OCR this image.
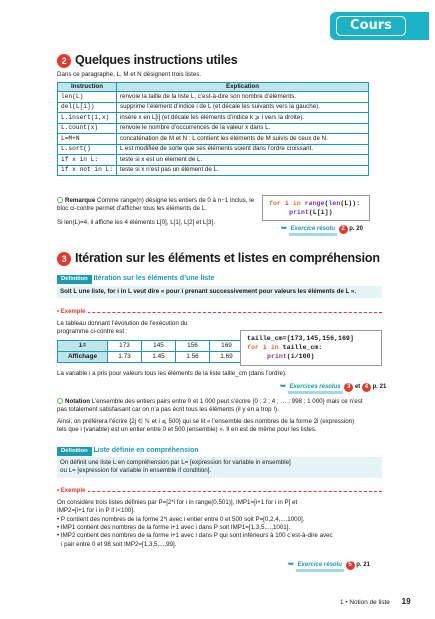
Cours
2 Quelques instructions utiles
Dans ce paragraphe, L, M et N désignent trois listes.
Instruction	Explication
len(L)	renvoie la taille de la liste L, c’est-à-dire son nombre d’éléments.
del(L[i])	supprime l’élément d’indice i de L (et décale les suivants vers la gauche).
L.insert(i,x)	insère x en L[i] (et décale les éléments d’indice k ⩾ i vers la droite).
L.count(x)	renvoie le nombre d’occurrences de la valeur x dans L.
L=M+N	concaténation de M et N : L contient les éléments de M suivis de ceux de N.
L.sort()	L est modifiée de sorte que ses éléments soient dans l’ordre croissant.
if x in L:	teste si x est un élément de L.
if x not in L:	teste si x n’est pas un élément de L.
Remarque Comme range(n) désigne les entiers de 0 à n−1 inclus, le bloc ci-contre permet d’afficher tous les éléments de L.
Si len(L)=4, il affiche les 4 éléments L[0], L[1], L[2] et L[3].
for i in range(len(L)):
print(L[i])
➥ Exercice résolu 2 p. 20
3 Itération sur les éléments et listes en compréhension
Définition Itération sur les éléments d’une liste
Soit L une liste, for i in L veut dire « pour i prenant successivement pour valeurs les éléments de L ».
• Exemple
Le tableau donnant l’évolution de l’exécution du
programme ci-contre est :
i=	173	145	156	169
Affichage	1.73	1.45	1.56	1.69
taille_cm=[173,145,156,169]
for i in taille_cm:
print(i/100)
La variable i a pris pour valeurs tous les éléments de la liste taille_cm (dans l’ordre).
➥ Exercices résolus 3 et 4 p. 21
Notation L’ensemble des entiers pairs entre 0 et 1 000 peut s’écrire {0 ; 2 ; 4 ; … ; 998 ; 1 000} mais ce n’est
pas totalement satisfaisant car on n’a pas écrit tous les éléments (il y en a trop !).
Ainsi, on préférera l’écrire {2j ∈ ℕ et i ⩽ 500} qui se lit « l’ensemble des nombres de la forme 2i (expression)
tels que i (variable) est un entier entre 0 et 500 (ensemble) ». Il en est de même pour les listes.
Définition Liste définie en compréhension
On définit une liste L en compréhension par L= [expression for variable in ensemble]
ou L= [expression for variable in ensemble if condition].
• Exemple
On considère trois listes définies par P=[2*i for i in range(0,501)], IMP1=[i+1 for i in P] et
IMP2=[i+1 for i in P if i<100].
• P contient des nombres de la forme 2*i avec i entier entre 0 et 500 soit P=[0,2,4,...,1000].
• IMP1 contient des nombres de la forme i+1 avec i dans P soit IMP1=[1,3,5,...,1001].
• IMP2 contient des nombres de la forme i+1 avec i dans P qui sont inférieurs à 100 c’est-à-dire avec
i pair entre 0 et 98 soit IMP2=[1,3,5,...,99].
➥ Exercice résolu 5 p. 21
1 • Notion de liste 19
